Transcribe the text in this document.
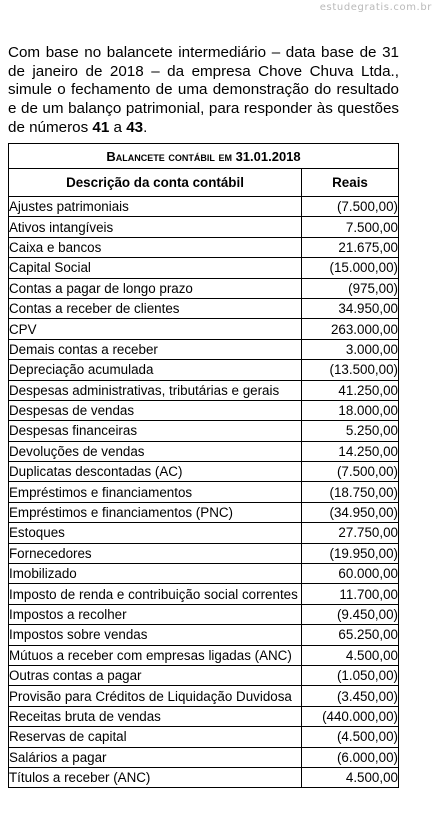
estudegratis.com.br

Com base no balancete intermediário – data base de 31 de janeiro de 2018 – da empresa Chove Chuva Ltda., simule o fechamento de uma demonstração do resultado e de um balanço patrimonial, para responder às questões de números 41 a 43.

Balancete contábil em 31.01.2018	
Descrição da conta contábil	Reais
Ajustes patrimoniais	(7.500,00)
Ativos intangíveis	7.500,00
Caixa e bancos	21.675,00
Capital Social	(15.000,00)
Contas a pagar de longo prazo	(975,00)
Contas a receber de clientes	34.950,00
CPV	263.000,00
Demais contas a receber	3.000,00
Depreciação acumulada	(13.500,00)
Despesas administrativas, tributárias e gerais	41.250,00
Despesas de vendas	18.000,00
Despesas financeiras	5.250,00
Devoluções de vendas	14.250,00
Duplicatas descontadas (AC)	(7.500,00)
Empréstimos e financiamentos	(18.750,00)
Empréstimos e financiamentos (PNC)	(34.950,00)
Estoques	27.750,00
Fornecedores	(19.950,00)
Imobilizado	60.000,00
Imposto de renda e contribuição social correntes	11.700,00
Impostos a recolher	(9.450,00)
Impostos sobre vendas	65.250,00
Mútuos a receber com empresas ligadas (ANC)	4.500,00
Outras contas a pagar	(1.050,00)
Provisão para Créditos de Liquidação Duvidosa	(3.450,00)
Receitas bruta de vendas	(440.000,00)
Reservas de capital	(4.500,00)
Salários a pagar	(6.000,00)
Títulos a receber (ANC)	4.500,00
